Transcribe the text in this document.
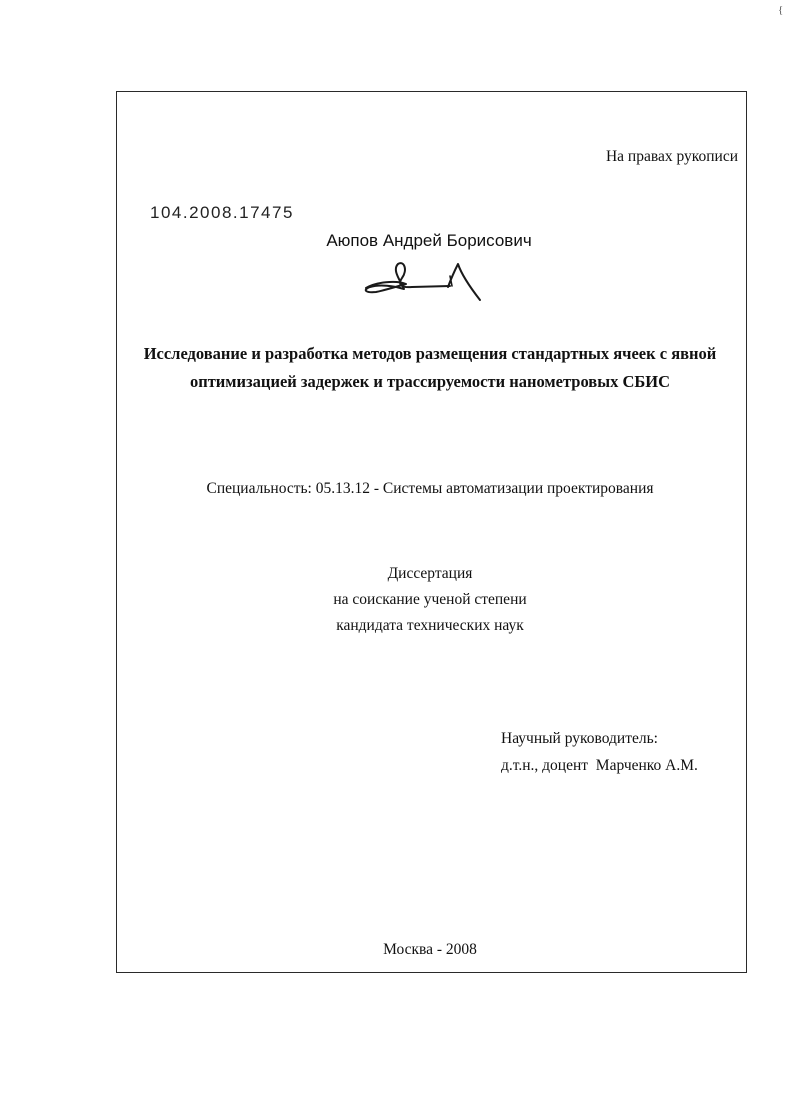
{
На правах рукописи
104.2008.17475
Аюпов Андрей Борисович
Исследование и разработка методов размещения стандартных ячеек с явной
оптимизацией задержек и трассируемости нанометровых СБИС
Специальность: 05.13.12 - Системы автоматизации проектирования
Диссертация
на соискание ученой степени
кандидата технических наук
Научный руководитель:
д.т.н., доцент  Марченко А.М.
Москва - 2008
